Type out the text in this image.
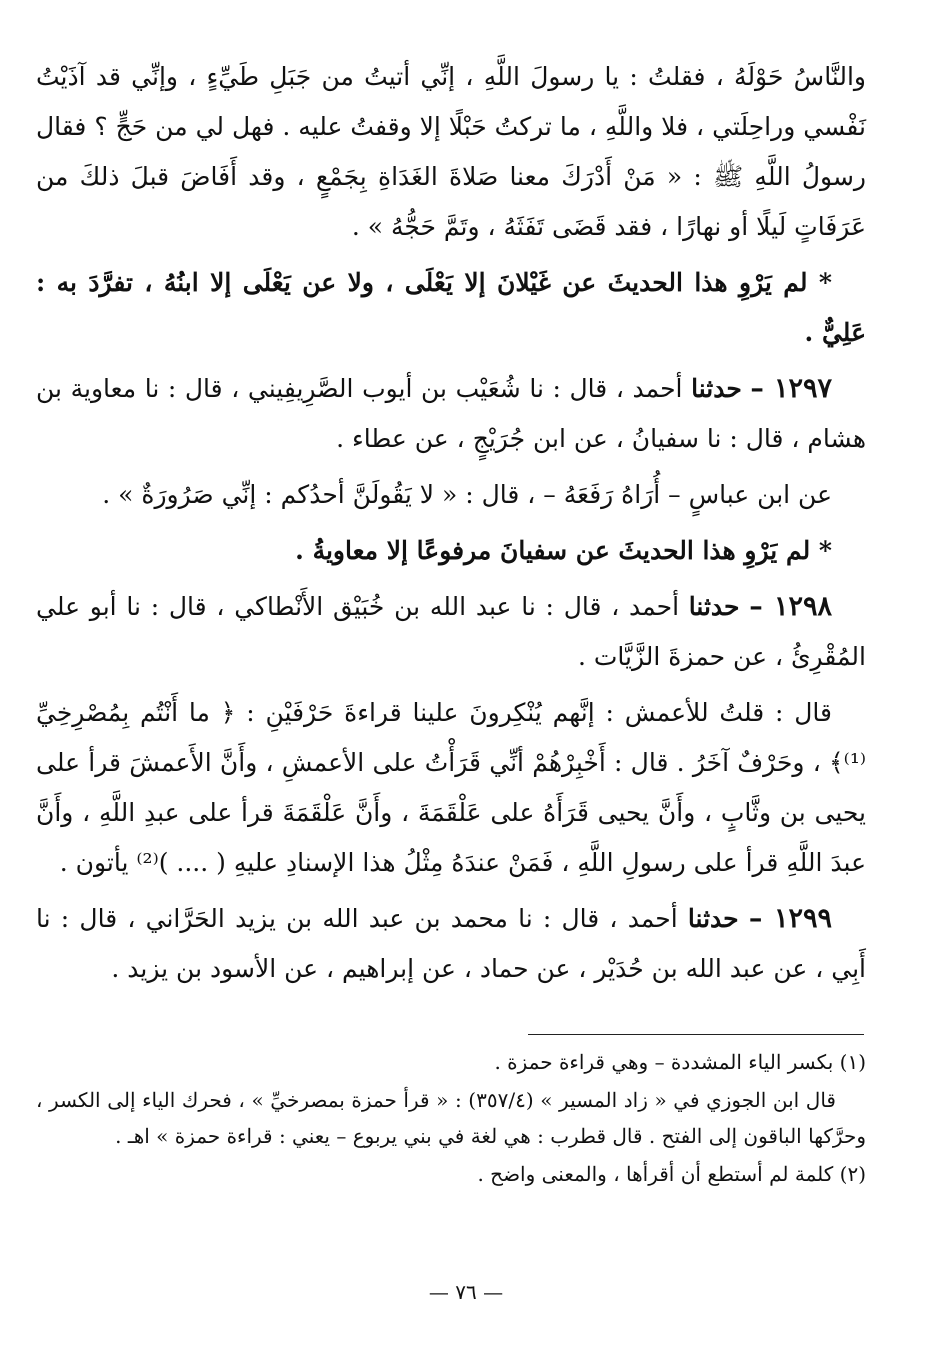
والنَّاسُ حَوْلَهُ ، فقلتُ : يا رسولَ اللَّهِ ، إنِّي أتيتُ من جَبَلِ طَيِّءٍ ، وإنِّي قد آذَيْتُ نَفْسي وراحِلَتي ، فلا واللَّهِ ، ما تركتُ حَبْلًا إلا وقفتُ عليه . فهل لي من حَجٍّ ؟ فقال رسولُ اللَّهِ ﷺ : « مَنْ أَدْرَكَ معنا صَلاةَ الغَدَاةِ بِجَمْعٍ ، وقد أَفَاضَ قبلَ ذلكَ من عَرَفَاتٍ لَيلًا أو نهارًا ، فقد قَضَى تَفَثَهُ ، وتَمَّ حَجُّهُ » .

* لم يَرْوِ هذا الحديثَ عن غَيْلانَ إلا يَعْلَى ، ولا عن يَعْلَى إلا ابنُهُ ، تفرَّدَ به : عَلِيٌّ .

١٢٩٧ – حدثنا أحمد ، قال : نا شُعَيْب بن أيوب الصَّرِيفِيني ، قال : نا معاوية بن هشام ، قال : نا سفيانُ ، عن ابن جُرَيْجٍ ، عن عطاء .

عن ابن عباسٍ – أُرَاهُ رَفَعَهُ – ، قال : « لا يَقُولَنَّ أحدُكم : إنِّي صَرُورَةٌ » .

* لم يَرْوِ هذا الحديثَ عن سفيانَ مرفوعًا إلا معاويةُ .

١٢٩٨ – حدثنا أحمد ، قال : نا عبد الله بن خُبَيْق الأَنْطاكي ، قال : نا أبو علي المُقْرِئُ ، عن حمزةَ الزَّيَّات .

قال : قلتُ للأعمش : إنَّهم يُنْكِرونَ علينا قراءةَ حَرْفَيْنِ : ﴿ ما أَنْتُم بِمُصْرِخِيِّ ⁽¹⁾﴾ ، وحَرْفٌ آخَرُ . قال : أَخْبِرْهُمْ أنِّي قَرَأْتُ على الأعمشِ ، وأَنَّ الأَعمشَ قرأ على يحيى بن وثَّابٍ ، وأَنَّ يحيى قَرَأَهُ على عَلْقَمَةَ ، وأَنَّ عَلْقَمَةَ قرأ على عبدِ اللَّهِ ، وأَنَّ عبدَ اللَّهِ قرأ على رسولِ اللَّهِ ، فَمَنْ عندَهُ مِثْلُ هذا الإسنادِ عليهِ ( .... )⁽²⁾ يأتون .

١٢٩٩ – حدثنا أحمد ، قال : نا محمد بن عبد الله بن يزيد الحَرَّاني ، قال : نا أَبِي ، عن عبد الله بن حُدَيْر ، عن حماد ، عن إبراهيم ، عن الأسود بن يزيد .

(١) بكسر الياء المشددة – وهي قراءة حمزة .

قال ابن الجوزي في « زاد المسير » (٣٥٧/٤) : « قرأ حمزة بمصرخيِّ » ، فحرك الياء إلى الكسر ، وحرَّكها الباقون إلى الفتح . قال قطرب : هي لغة في بني يربوع – يعني : قراءة حمزة » اهـ .

(٢) كلمة لم أستطع أن أقرأها ، والمعنى واضح .

— ٧٦ —
